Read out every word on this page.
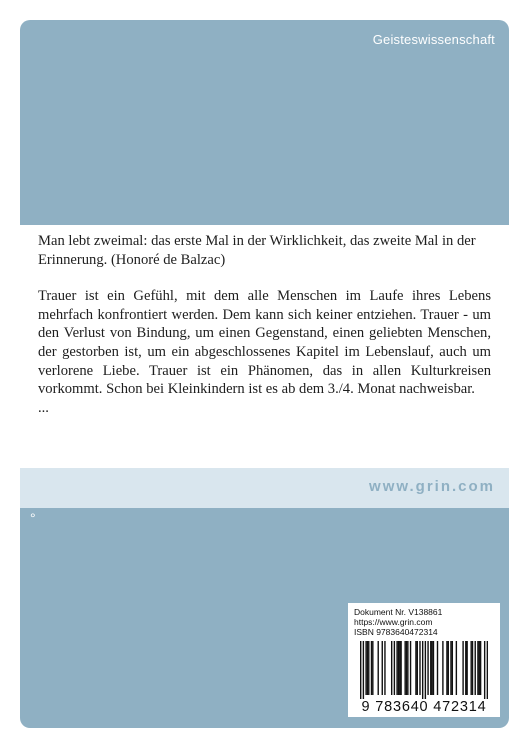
Geisteswissenschaft

Man lebt zweimal: das erste Mal in der Wirklichkeit, das zweite Mal in der Erinnerung. (Honoré de Balzac)

Trauer ist ein Gefühl, mit dem alle Menschen im Laufe ihres Lebens mehrfach konfrontiert werden. Dem kann sich keiner entziehen. Trauer - um den Verlust von Bindung, um einen Gegenstand, einen geliebten Menschen, der gestorben ist, um ein abgeschlossenes Kapitel im Lebenslauf, auch um verlorene Liebe. Trauer ist ein Phänomen, das in allen Kulturkreisen vorkommt. Schon bei Kleinkindern ist es ab dem 3./4. Monat nachweisbar.

...

www.grin.com
°
Dokument Nr. V138861
https://www.grin.com
ISBN 9783640472314
9 783640 472314
